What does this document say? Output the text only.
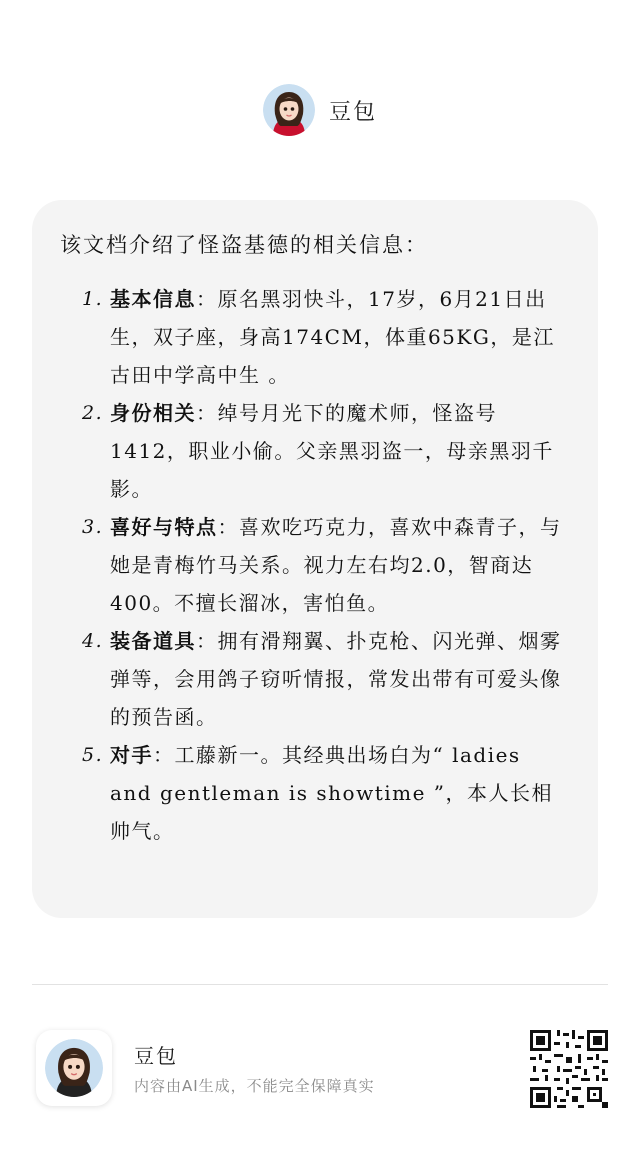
豆包

该文档介绍了怪盗基德的相关信息：

1. 基本信息：原名黑羽快斗，17岁，6月21日出生，双子座，身高174CM，体重65KG，是江古田中学高中生 。
2. 身份相关：绰号月光下的魔术师，怪盗号1412，职业小偷。父亲黑羽盗一，母亲黑羽千影。
3. 喜好与特点：喜欢吃巧克力，喜欢中森青子，与她是青梅竹马关系。视力左右均2.0，智商达400。不擅长溜冰，害怕鱼。
4. 装备道具：拥有滑翔翼、扑克枪、闪光弹、烟雾弹等，会用鸽子窃听情报，常发出带有可爱头像的预告函。
5. 对手：工藤新一。其经典出场白为“ ladies and gentleman is showtime ”，本人长相帅气。
豆包
内容由AI生成，不能完全保障真实
